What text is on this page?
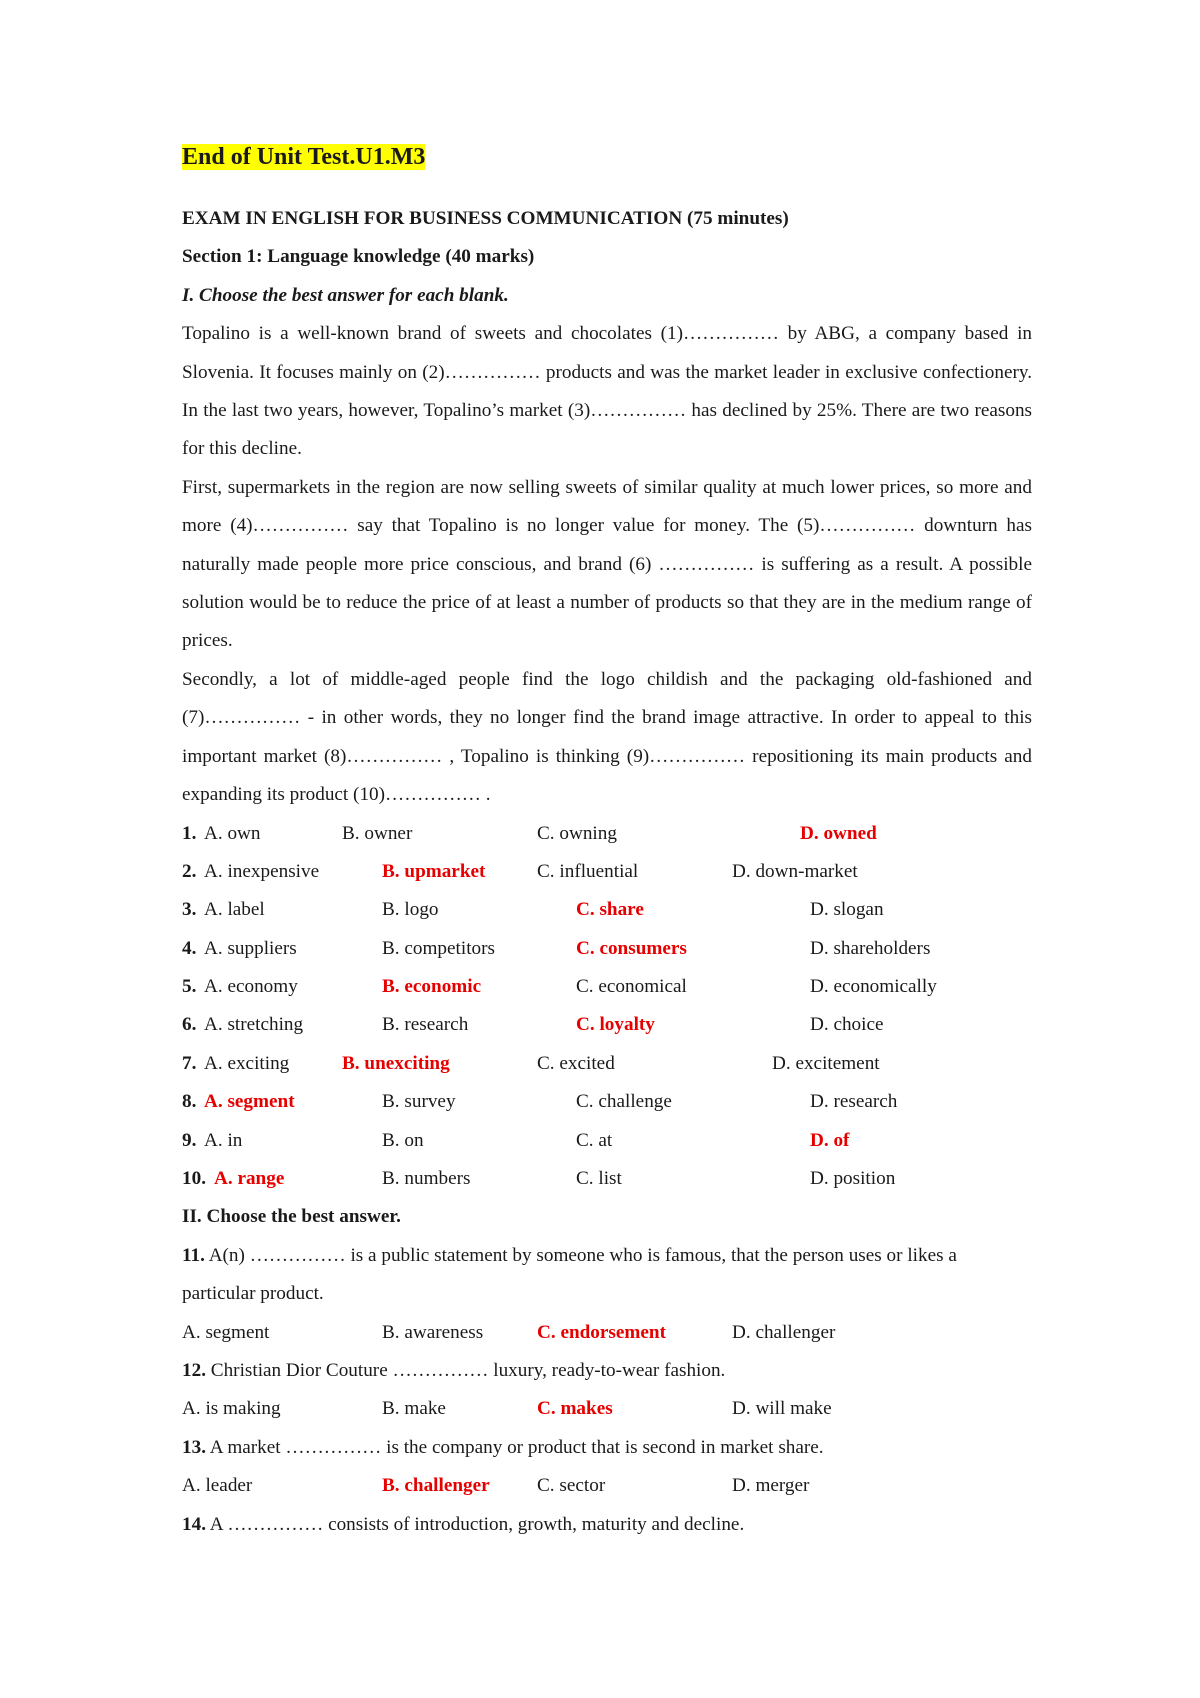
End of Unit Test.U1.M3

EXAM IN ENGLISH FOR BUSINESS COMMUNICATION (75 minutes)

Section 1: Language knowledge (40 marks)

I. Choose the best answer for each blank.

Topalino is a well-known brand of sweets and chocolates (1)…………… by ABG, a company based in Slovenia. It focuses mainly on (2)…………… products and was the market leader in exclusive confectionery. In the last two years, however, Topalino’s market (3)…………… has declined by 25%. There are two reasons for this decline.

First, supermarkets in the region are now selling sweets of similar quality at much lower prices, so more and more (4)…………… say that Topalino is no longer value for money. The (5)…………… downturn has naturally made people more price conscious, and brand (6) …………… is suffering as a result. A possible solution would be to reduce the price of at least a number of products so that they are in the medium range of prices.

Secondly, a lot of middle-aged people find the logo childish and the packaging old-fashioned and (7)…………… - in other words, they no longer find the brand image attractive. In order to appeal to this important market (8)…………… , Topalino is thinking (9)…………… repositioning its main products and expanding its product (10)…………… .

1. A. own	B. owner	C. owning	D. owned
2. A. inexpensive	B. upmarket	C. influential	D. down-market
3. A. label	B. logo	C. share	D. slogan
4. A. suppliers	B. competitors	C. consumers	D. shareholders
5. A. economy	B. economic	C. economical	D. economically
6. A. stretching	B. research	C. loyalty	D. choice
7. A. exciting	B. unexciting	C. excited	D. excitement
8. A. segment	B. survey	C. challenge	D. research
9. A. in	B. on	C. at	D. of
10. A. range	B. numbers	C. list	D. position

II. Choose the best answer.

11. A(n) …………… is a public statement by someone who is famous, that the person uses or likes a particular product.

A. segment	B. awareness	C. endorsement	D. challenger

12. Christian Dior Couture …………… luxury, ready-to-wear fashion.

A. is making	B. make	C. makes	D. will make

13. A market …………… is the company or product that is second in market share.

A. leader	B. challenger C. sector	D. merger

14. A …………… consists of introduction, growth, maturity and decline.
